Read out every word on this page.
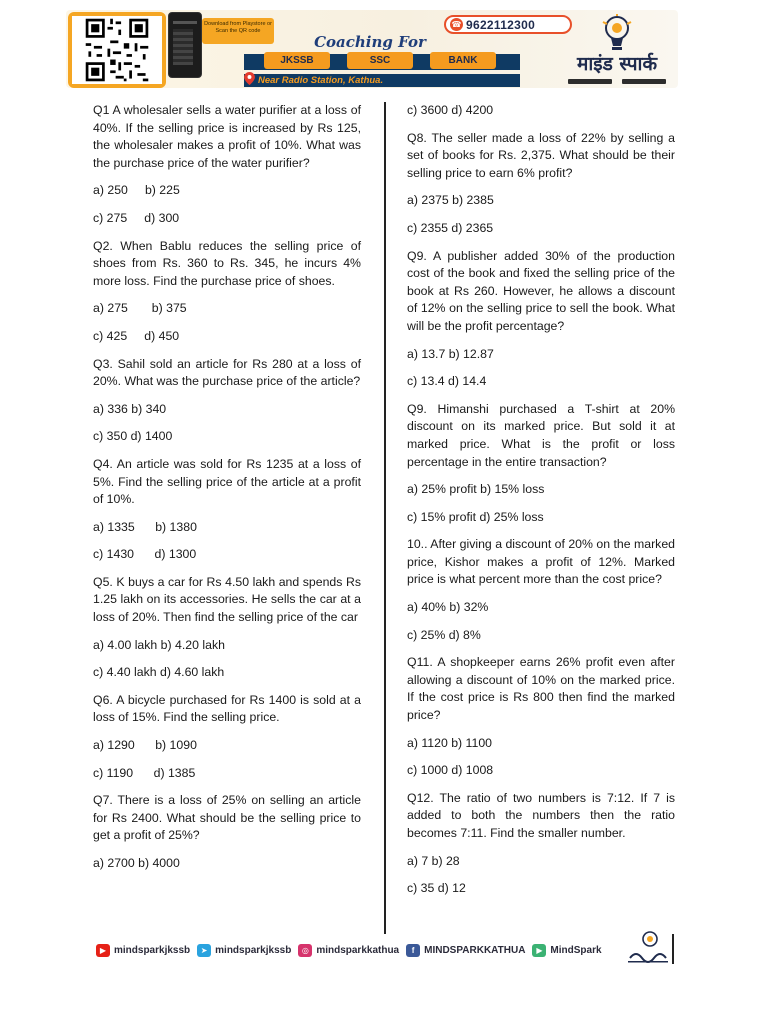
Download from Playstore or Scan the QR code
☎ 9622112300
Coaching For
JKSSB	SSC	BANK
Near Radio Station, Kathua.
माइंड स्पार्क
Q1 A wholesaler sells a water purifier at a loss of 40%. If the selling price is increased by Rs 125, the wholesaler makes a profit of 10%. What was the purchase price of the water purifier?
a) 250     b) 225
c) 275     d) 300
Q2. When Bablu reduces the selling price of shoes from Rs. 360 to Rs. 345, he incurs 4% more loss. Find the purchase price of shoes.
a) 275       b) 375
c) 425     d) 450
Q3. Sahil sold an article for Rs 280 at a loss of 20%. What was the purchase price of the article?
a) 336 b) 340
c) 350 d) 1400
Q4. An article was sold for Rs 1235 at a loss of 5%. Find the selling price of the article at a profit of 10%.
a) 1335      b) 1380
c) 1430      d) 1300
Q5. K buys a car for Rs 4.50 lakh and spends Rs 1.25 lakh on its accessories. He sells the car at a loss of 20%. Then find the selling price of the car
a) 4.00 lakh b) 4.20 lakh
c) 4.40 lakh d) 4.60 lakh
Q6. A bicycle purchased for Rs 1400 is sold at a loss of 15%. Find the selling price.
a) 1290      b) 1090
c) 1190      d) 1385
Q7. There is a loss of 25% on selling an article for Rs 2400. What should be the selling price to get a profit of 25%?
a) 2700 b) 4000
c) 3600 d) 4200
Q8. The seller made a loss of 22% by selling a set of books for Rs. 2,375. What should be their selling price to earn 6% profit?
a) 2375 b) 2385
c) 2355 d) 2365
Q9. A publisher added 30% of the production cost of the book and fixed the selling price of the book at Rs 260. However, he allows a discount of 12% on the selling price to sell the book. What will be the profit percentage?
a) 13.7 b) 12.87
c) 13.4 d) 14.4
Q9. Himanshi purchased a T-shirt at 20% discount on its marked price. But sold it at marked price. What is the profit or loss percentage in the entire transaction?
a) 25% profit b) 15% loss
c) 15% profit d) 25% loss
10.. After giving a discount of 20% on the marked price, Kishor makes a profit of 12%. Marked price is what percent more than the cost price?
a) 40% b) 32%
c) 25% d) 8%
Q11. A shopkeeper earns 26% profit even after allowing a discount of 10% on the marked price. If the cost price is Rs 800 then find the marked price?
a) 1120 b) 1100
c) 1000 d) 1008
Q12. The ratio of two numbers is 7:12. If 7 is added to both the numbers then the ratio becomes 7:11. Find the smaller number.
a) 7 b) 28
c) 35 d) 12
▶ mindsparkjkssb	➤ mindsparkjkssb	◎ mindsparkkathua	f MINDSPARKKATHUA	▶ MindSpark
